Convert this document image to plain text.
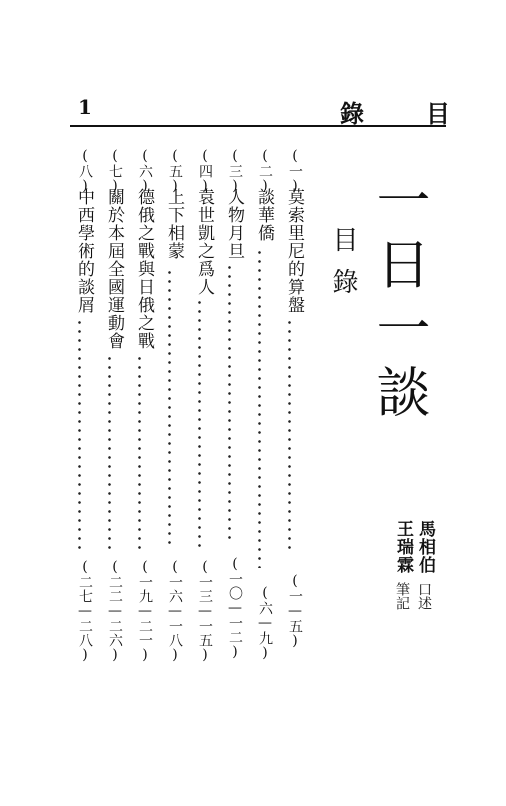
1	錄	目
一日一談
目錄
馬相伯
口述
王瑞霖
筆記
(一)
莫索里尼的算盤
(一—五)
(二)
談華僑
(六—九)
(三)
人物月旦
(一〇—一二)
(四)
袁世凱之爲人
(一三—一五)
(五)
上下相蒙
(一六—一八)
(六)
德俄之戰與日俄之戰
(一九—二一)
(七)
關於本屆全國運動會
(二二—二六)
(八)
中西學術的談屑
(二七—二八)
